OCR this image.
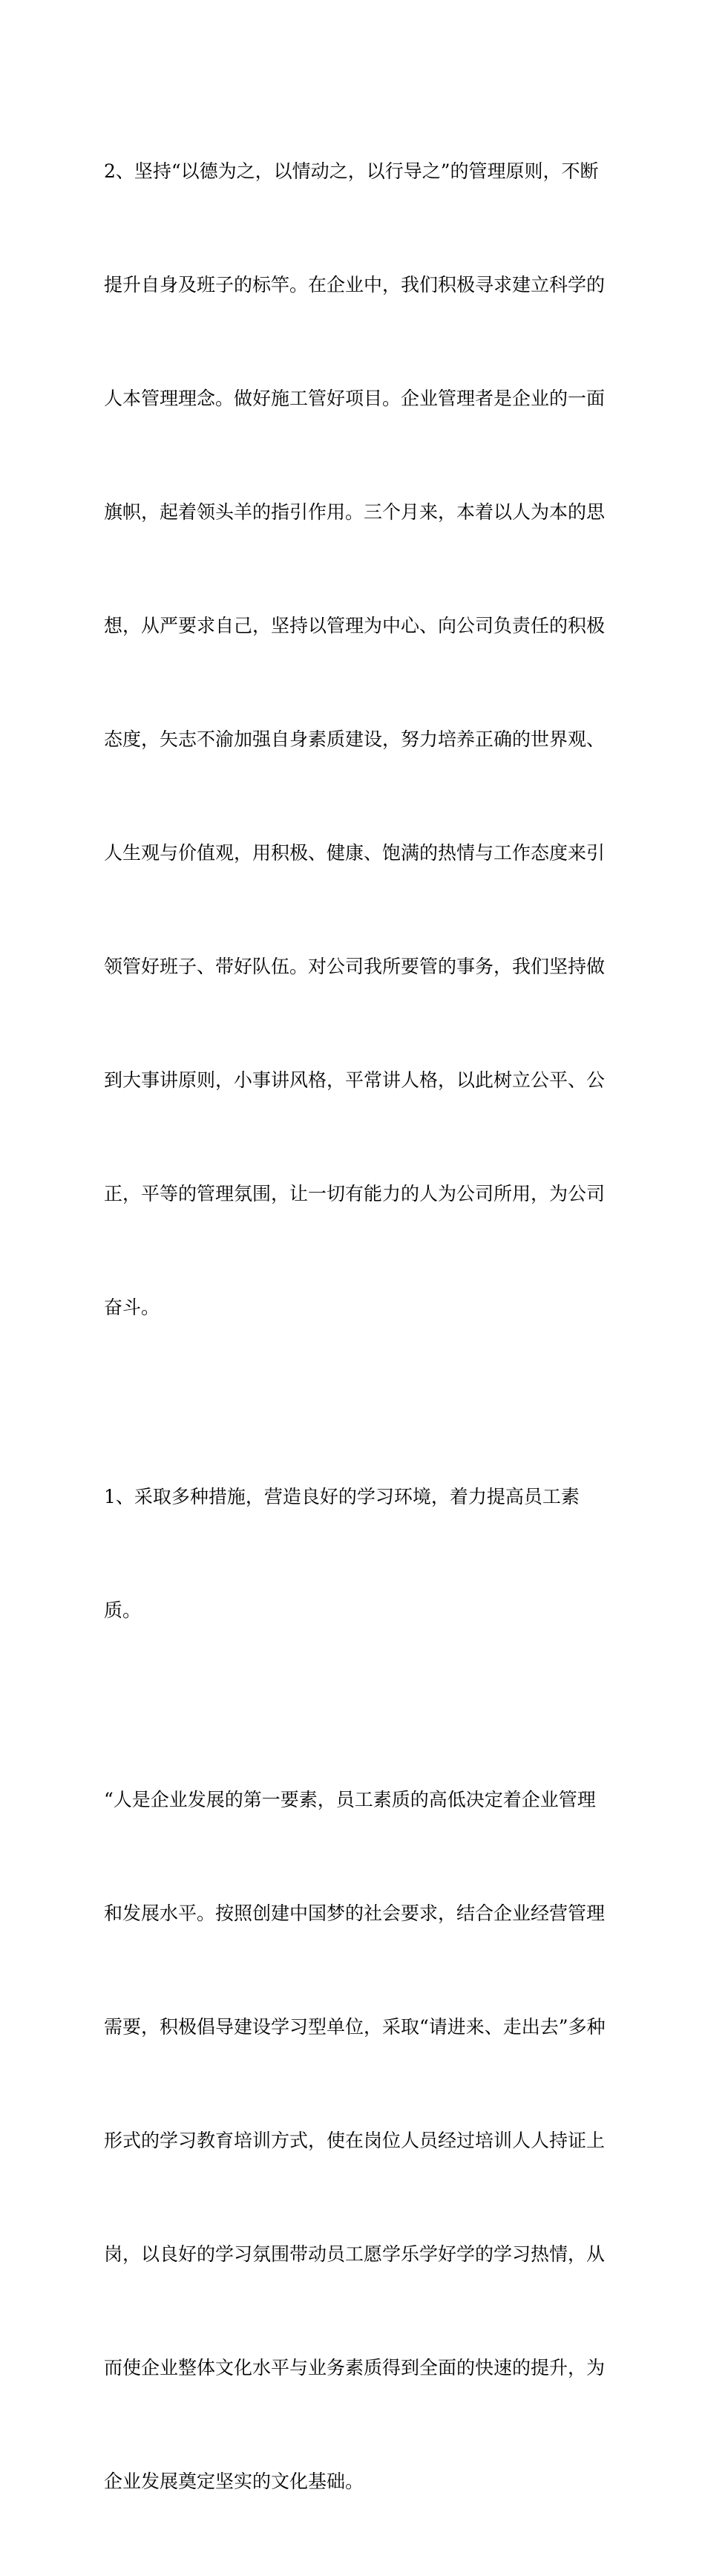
2、坚持“以德为之，以情动之，以行导之”的管理原则，不断

提升自身及班子的标竿。在企业中，我们积极寻求建立科学的

人本管理理念。做好施工管好项目。企业管理者是企业的一面

旗帜，起着领头羊的指引作用。三个月来，本着以人为本的思

想，从严要求自己，坚持以管理为中心、向公司负责任的积极

态度，矢志不渝加强自身素质建设，努力培养正确的世界观、

人生观与价值观，用积极、健康、饱满的热情与工作态度来引

领管好班子、带好队伍。对公司我所要管的事务，我们坚持做

到大事讲原则，小事讲风格，平常讲人格，以此树立公平、公

正，平等的管理氛围，让一切有能力的人为公司所用，为公司

奋斗。

1、采取多种措施，营造良好的学习环境，着力提高员工素

质。

“人是企业发展的第一要素，员工素质的高低决定着企业管理

和发展水平。按照创建中国梦的社会要求，结合企业经营管理

需要，积极倡导建设学习型单位，采取“请进来、走出去”多种

形式的学习教育培训方式，使在岗位人员经过培训人人持证上

岗，以良好的学习氛围带动员工愿学乐学好学的学习热情，从

而使企业整体文化水平与业务素质得到全面的快速的提升，为

企业发展奠定坚实的文化基础。
